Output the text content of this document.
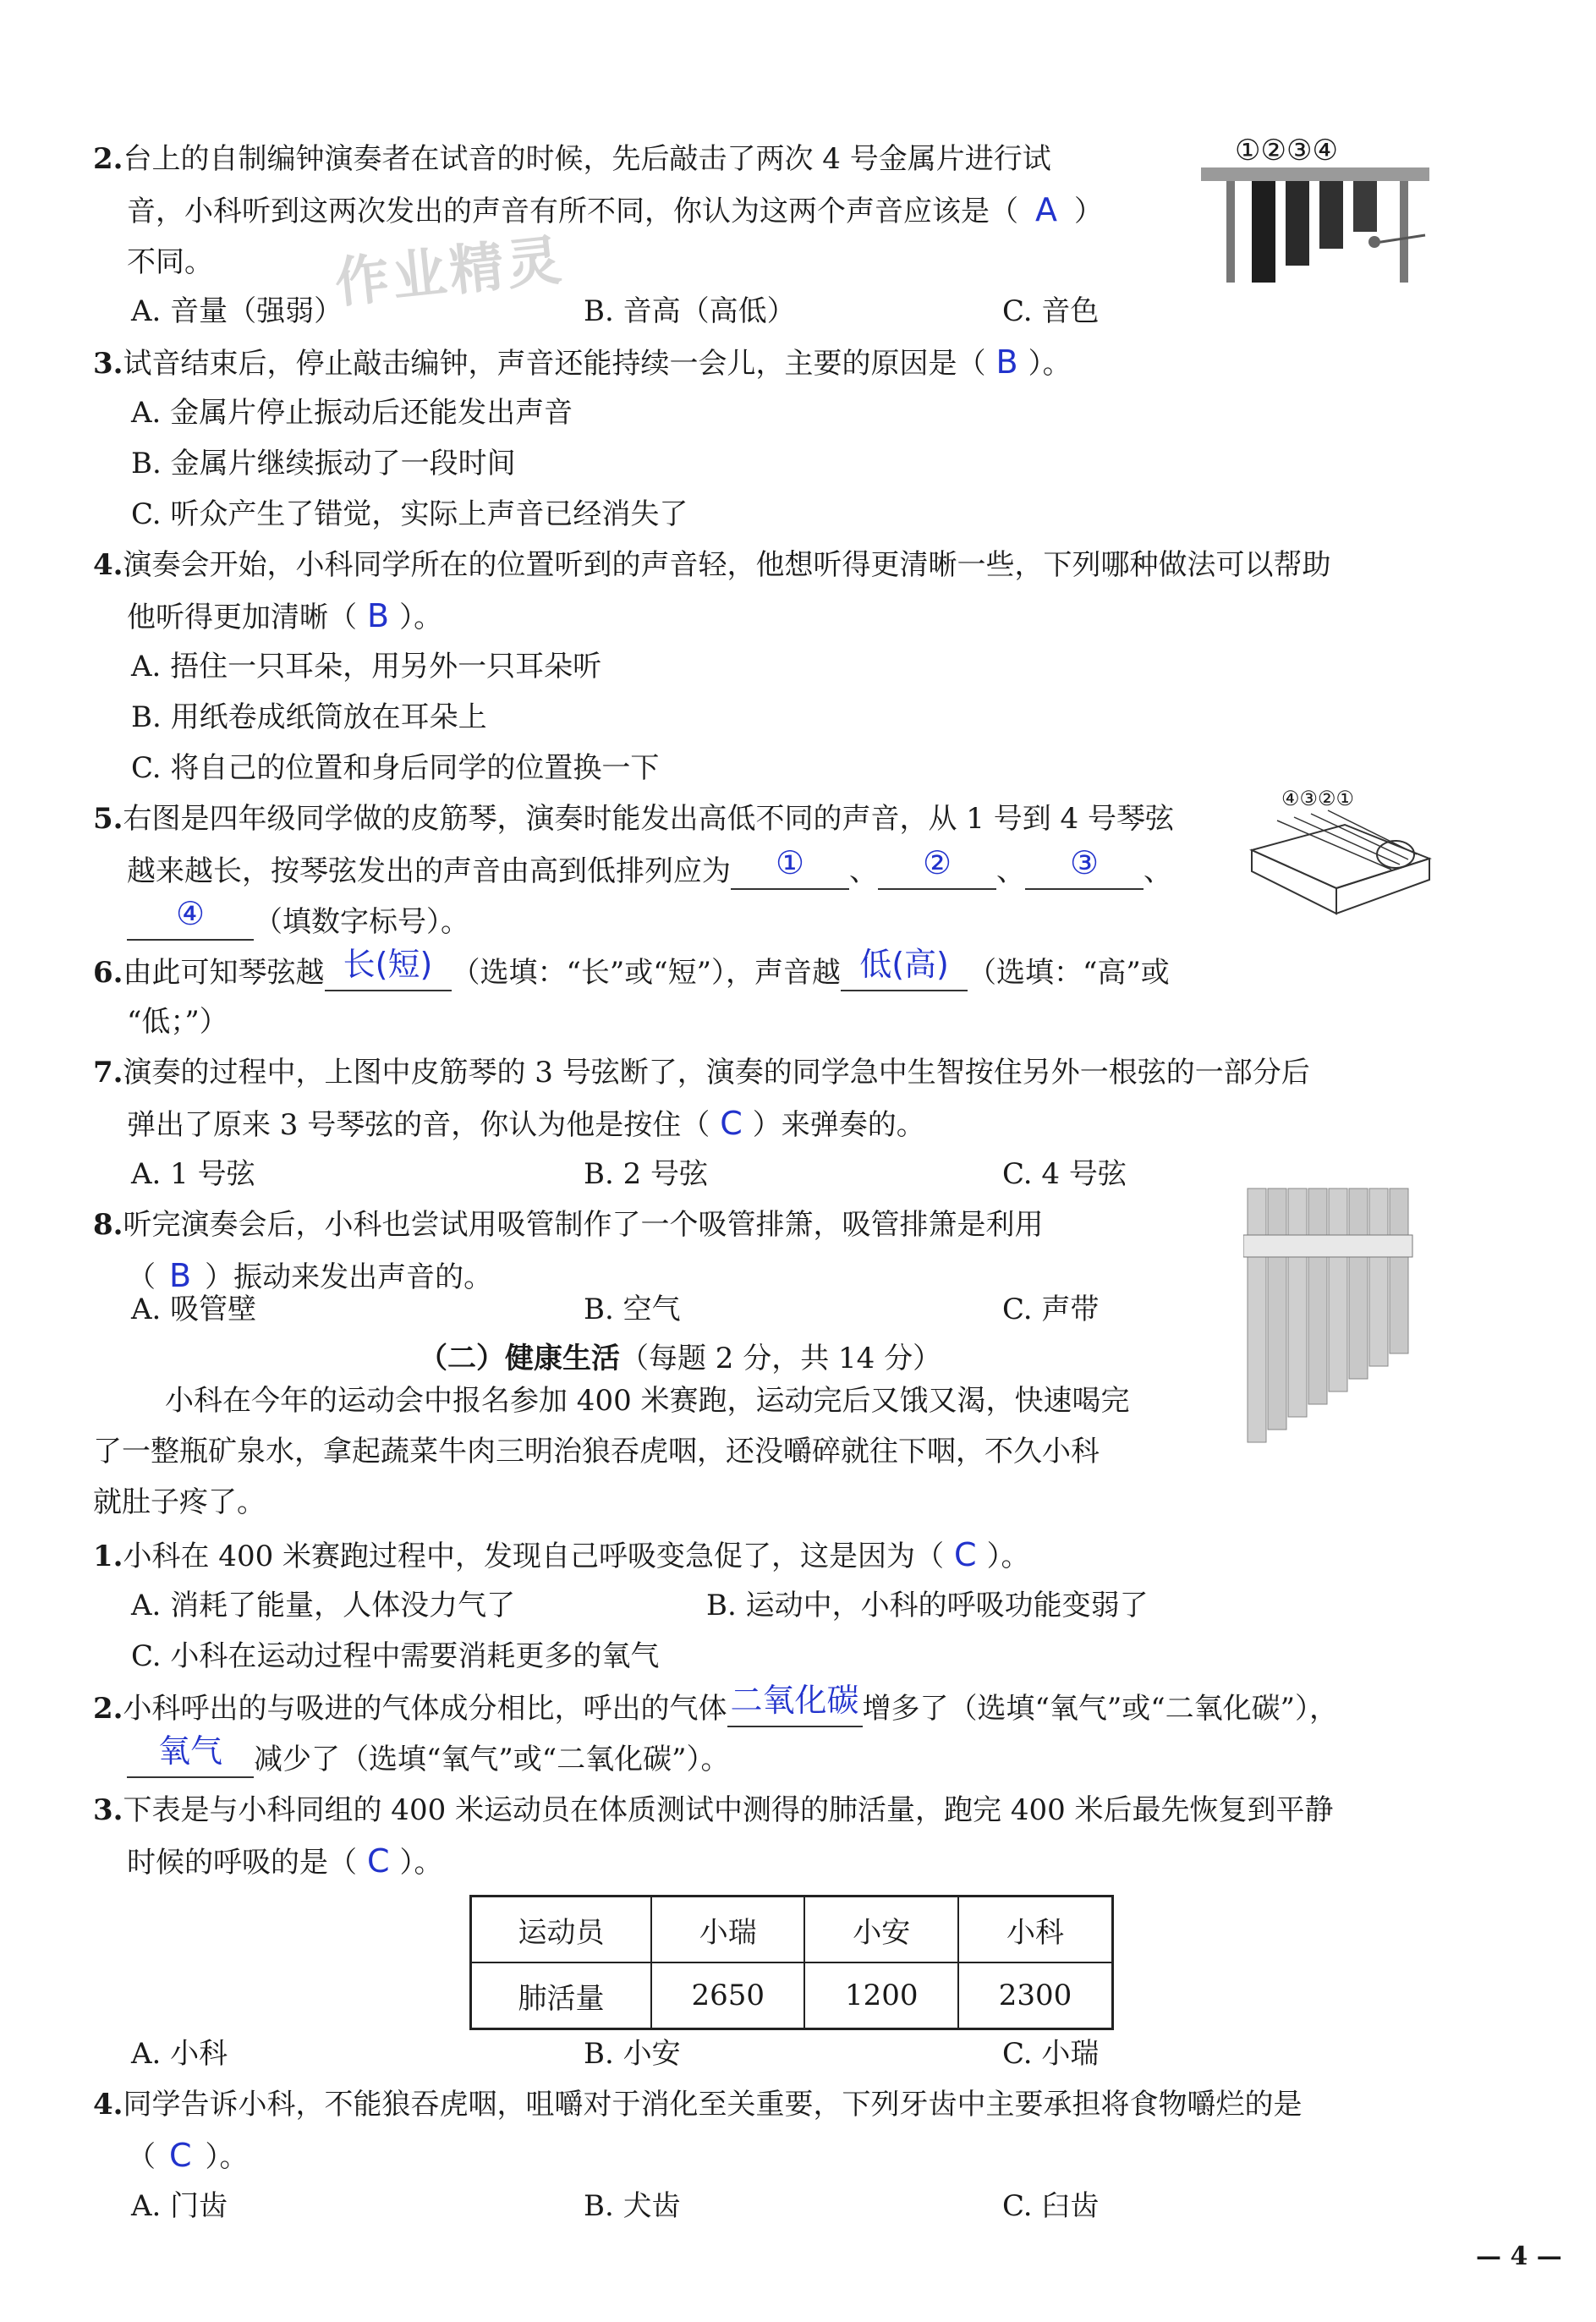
作业精灵
2.台上的自制编钟演奏者在试音的时候，先后敲击了两次 4 号金属片进行试
音，小科听到这两次发出的声音有所不同，你认为这两个声音应该是（ A ）
不同。
A. 音量（强弱）	B. 音高（高低）	C. 音色
①②③④
3.试音结束后，停止敲击编钟，声音还能持续一会儿，主要的原因是（ B ）。
A. 金属片停止振动后还能发出声音
B. 金属片继续振动了一段时间
C. 听众产生了错觉，实际上声音已经消失了
4.演奏会开始，小科同学所在的位置听到的声音轻，他想听得更清晰一些，下列哪种做法可以帮助
他听得更加清晰（ B ）。
A. 捂住一只耳朵，用另外一只耳朵听
B. 用纸卷成纸筒放在耳朵上
C. 将自己的位置和身后同学的位置换一下
5.右图是四年级同学做的皮筋琴，演奏时能发出高低不同的声音，从 1 号到 4 号琴弦
越来越长，按琴弦发出的声音由高到低排列应为 ① 、 ② 、 ③ 、
④ （填数字标号）。
④③②①
6.由此可知琴弦越 长(短) （选填：“长”或“短”），声音越 低(高) （选填：“高”或
“低；”）
7.演奏的过程中，上图中皮筋琴的 3 号弦断了，演奏的同学急中生智按住另外一根弦的一部分后
弹出了原来 3 号琴弦的音，你认为他是按住（ C ）来弹奏的。
A. 1 号弦	B. 2 号弦	C. 4 号弦
8.听完演奏会后，小科也尝试用吸管制作了一个吸管排箫，吸管排箫是利用
（ B ）振动来发出声音的。
A. 吸管壁	B. 空气	C. 声带
（二）健康生活（每题 2 分，共 14 分）
小科在今年的运动会中报名参加 400 米赛跑，运动完后又饿又渴，快速喝完
了一整瓶矿泉水，拿起蔬菜牛肉三明治狼吞虎咽，还没嚼碎就往下咽，不久小科
就肚子疼了。
1.小科在 400 米赛跑过程中，发现自己呼吸变急促了，这是因为（ C ）。
A. 消耗了能量，人体没力气了	B. 运动中，小科的呼吸功能变弱了
C. 小科在运动过程中需要消耗更多的氧气
2.小科呼出的与吸进的气体成分相比，呼出的气体 二氧化碳 增多了（选填“氧气”或“二氧化碳”），
氧气 减少了（选填“氧气”或“二氧化碳”）。
3.下表是与小科同组的 400 米运动员在体质测试中测得的肺活量，跑完 400 米后最先恢复到平静
时候的呼吸的是（ C ）。
运动员	小瑞	小安	小科
肺活量	2650	1200	2300
A. 小科	B. 小安	C. 小瑞
4.同学告诉小科，不能狼吞虎咽，咀嚼对于消化至关重要，下列牙齿中主要承担将食物嚼烂的是
（ C ）。
A. 门齿	B. 犬齿	C. 臼齿
— 4 —
